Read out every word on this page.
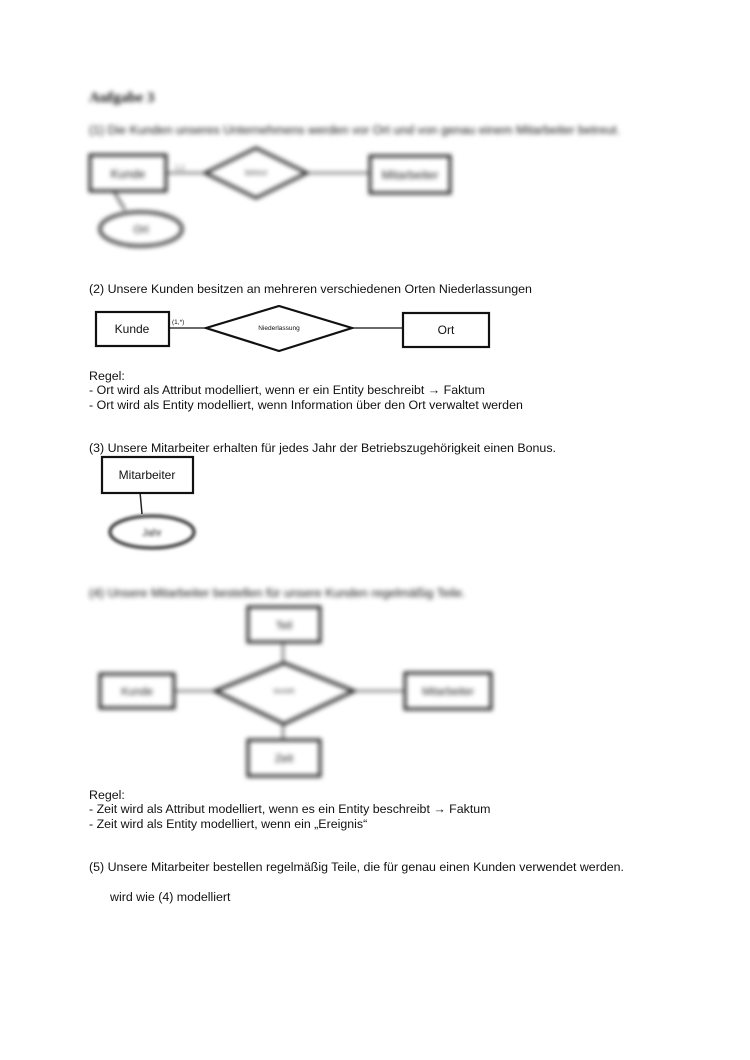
Aufgabe 3
(1) Die Kunden unseres Unternehmens werden vor Ort und von genau einem Mitarbeiter betreut.
Kunde	1,1
betreut	Mitarbeiter
Ort
(2) Unsere Kunden besitzen an mehreren verschiedenen Orten Niederlassungen
Kunde	(1,*)
Niederlassung	Ort
Regel:
- Ort wird als Attribut modelliert, wenn er ein Entity beschreibt → Faktum
- Ort wird als Entity modelliert, wenn Information über den Ort verwaltet werden
(3) Unsere Mitarbeiter erhalten für jedes Jahr der Betriebszugehörigkeit einen Bonus.
Mitarbeiter
Jahr
(4) Unsere Mitarbeiter bestellen für unsere Kunden regelmäßig Teile.
Teil
Kunde	bestellt	Mitarbeiter
Zeit
Regel:
- Zeit wird als Attribut modelliert, wenn es ein Entity beschreibt → Faktum
- Zeit wird als Entity modelliert, wenn ein „Ereignis“
(5) Unsere Mitarbeiter bestellen regelmäßig Teile, die für genau einen Kunden verwendet werden.
wird wie (4) modelliert
